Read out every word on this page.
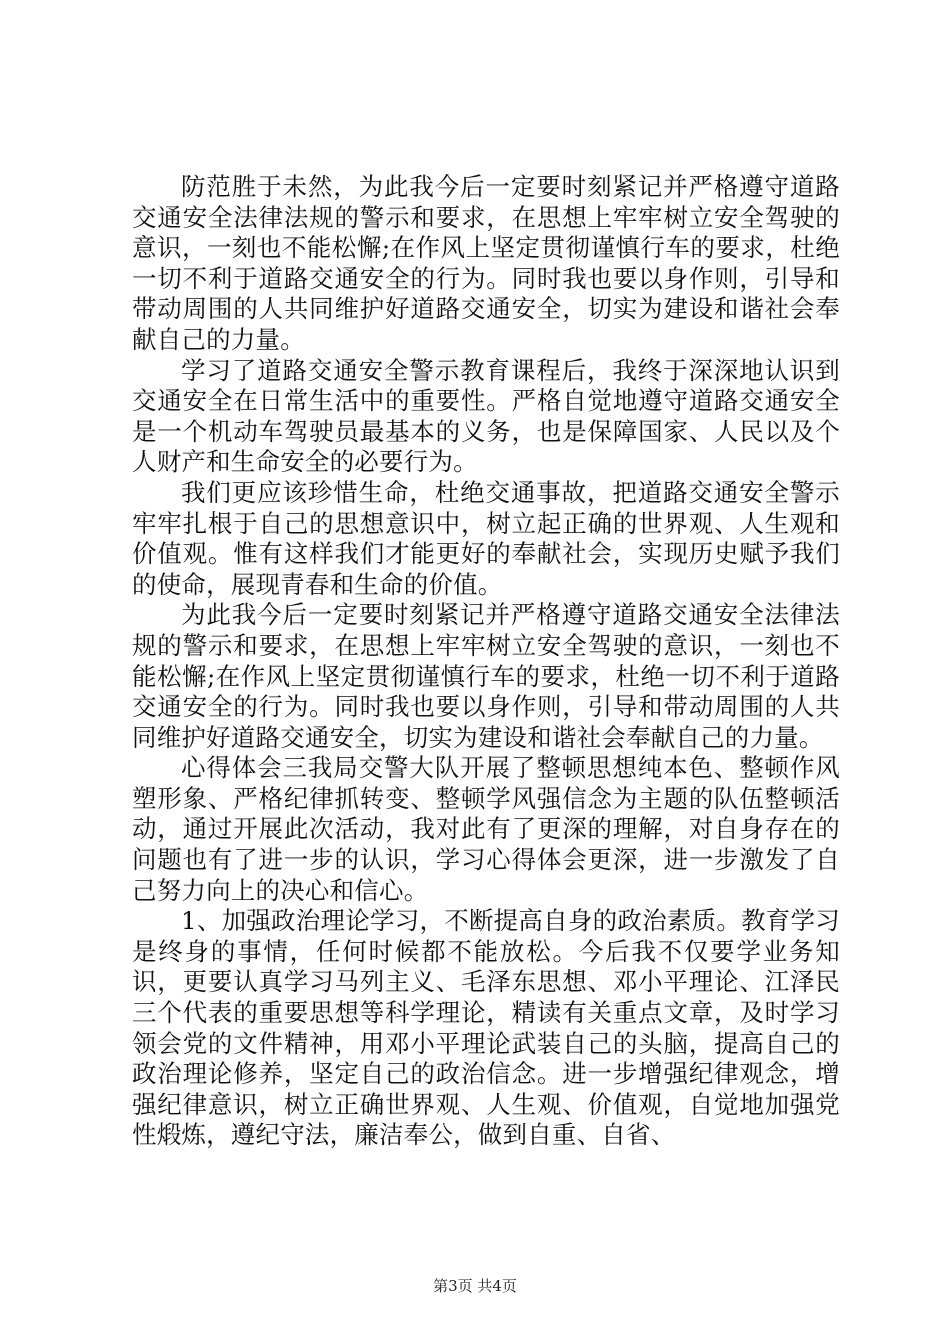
防范胜于未然，为此我今后一定要时刻紧记并严格遵守道路交通安全法律法规的警示和要求，在思想上牢牢树立安全驾驶的意识，一刻也不能松懈;在作风上坚定贯彻谨慎行车的要求，杜绝一切不利于道路交通安全的行为。同时我也要以身作则，引导和带动周围的人共同维护好道路交通安全，切实为建设和谐社会奉献自己的力量。

学习了道路交通安全警示教育课程后，我终于深深地认识到交通安全在日常生活中的重要性。严格自觉地遵守道路交通安全是一个机动车驾驶员最基本的义务，也是保障国家、人民以及个人财产和生命安全的必要行为。

我们更应该珍惜生命，杜绝交通事故，把道路交通安全警示牢牢扎根于自己的思想意识中，树立起正确的世界观、人生观和价值观。惟有这样我们才能更好的奉献社会，实现历史赋予我们的使命，展现青春和生命的价值。

为此我今后一定要时刻紧记并严格遵守道路交通安全法律法规的警示和要求，在思想上牢牢树立安全驾驶的意识，一刻也不能松懈;在作风上坚定贯彻谨慎行车的要求，杜绝一切不利于道路交通安全的行为。同时我也要以身作则，引导和带动周围的人共同维护好道路交通安全，切实为建设和谐社会奉献自己的力量。

心得体会三我局交警大队开展了整顿思想纯本色、整顿作风塑形象、严格纪律抓转变、整顿学风强信念为主题的队伍整顿活动，通过开展此次活动，我对此有了更深的理解，对自身存在的问题也有了进一步的认识，学习心得体会更深，进一步激发了自己努力向上的决心和信心。

1、加强政治理论学习，不断提高自身的政治素质。教育学习是终身的事情，任何时候都不能放松。今后我不仅要学业务知识，更要认真学习马列主义、毛泽东思想、邓小平理论、江泽民三个代表的重要思想等科学理论，精读有关重点文章，及时学习领会党的文件精神，用邓小平理论武装自己的头脑，提高自己的政治理论修养，坚定自己的政治信念。进一步增强纪律观念，增强纪律意识，树立正确世界观、人生观、价值观，自觉地加强党性煅炼，遵纪守法，廉洁奉公，做到自重、自省、

第3页 共4页
